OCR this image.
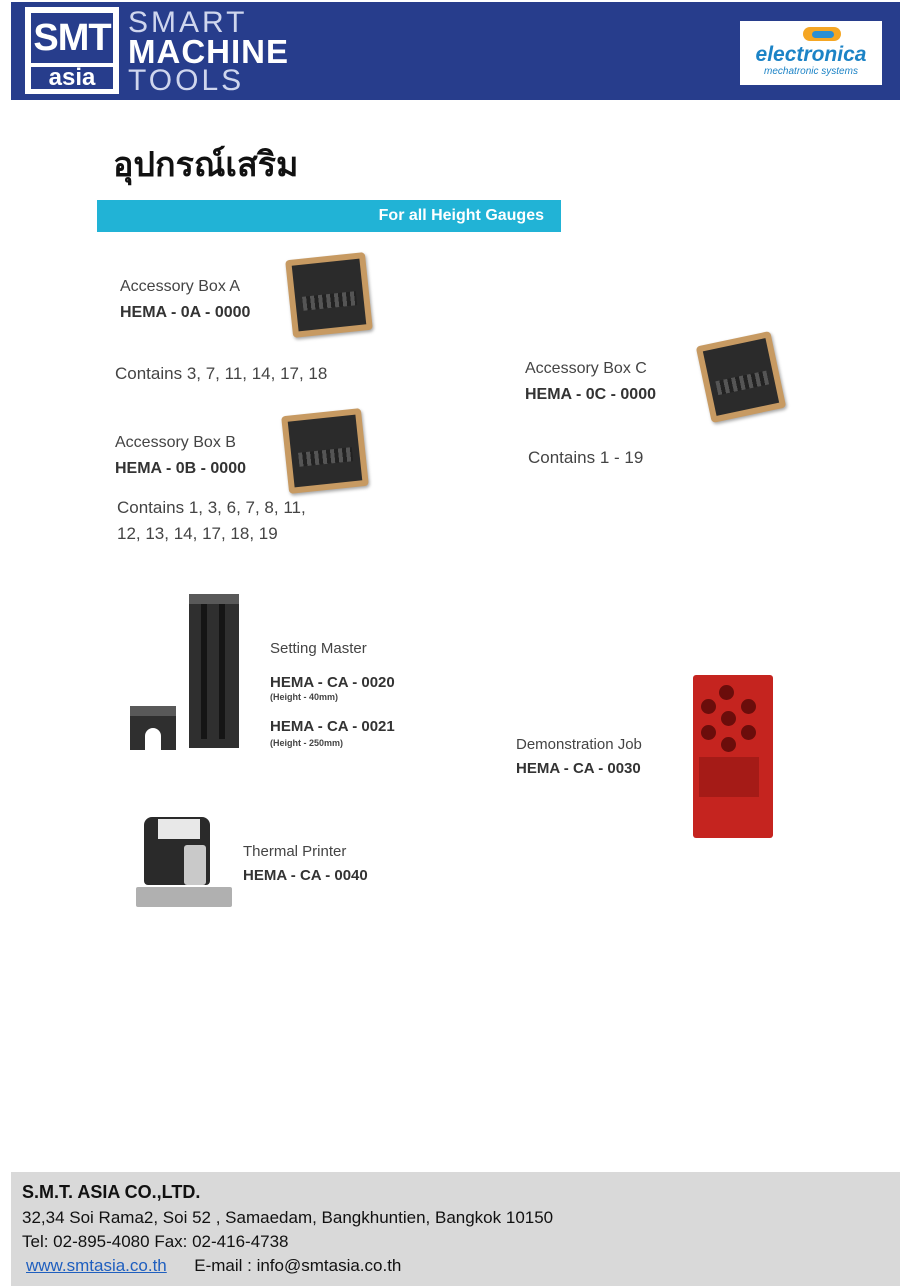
SMT
asia
SMART
MACHINE
TOOLS
electronica
mechatronic systems
อุปกรณ์เสริม
For all Height Gauges
Accessory Box A
HEMA - 0A - 0000
Contains 3, 7, 11, 14, 17, 18
Accessory Box B
HEMA - 0B - 0000
Contains 1, 3, 6, 7, 8, 11,
12, 13, 14, 17, 18, 19
Accessory Box C
HEMA - 0C - 0000
Contains 1 - 19
Setting Master
HEMA - CA - 0020
(Height - 40mm)
HEMA - CA - 0021
(Height - 250mm)	Demonstration Job
HEMA - CA - 0030
Thermal Printer
HEMA - CA - 0040
S.M.T. ASIA CO.,LTD.
32,34 Soi Rama2, Soi 52 , Samaedam, Bangkhuntien, Bangkok 10150
Tel: 02-895-4080 Fax: 02-416-4738
www.smtasia.co.th E-mail : info@smtasia.co.th
